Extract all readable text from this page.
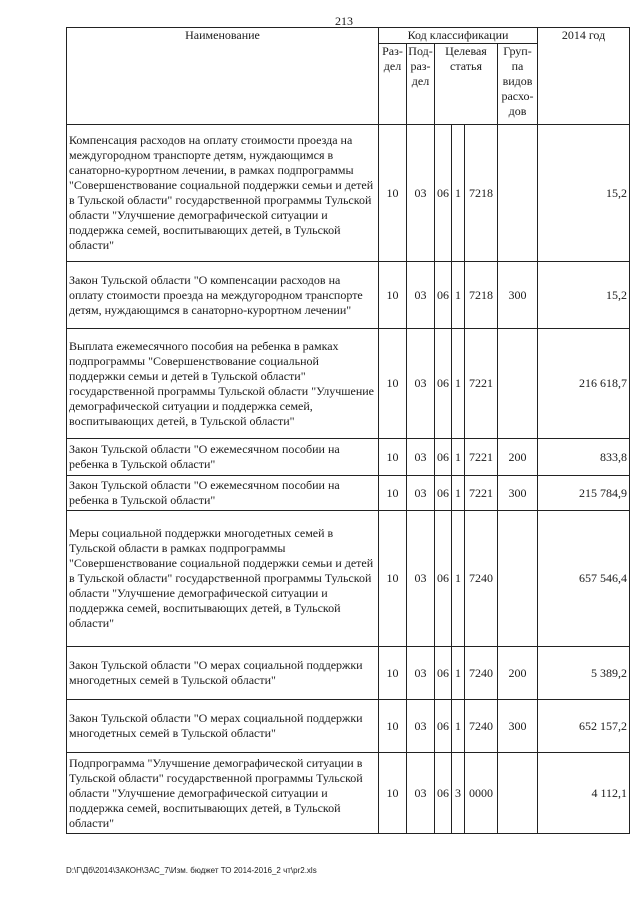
213
Наименование	Код классификации						2014 год
	Раз-дел	Под-раз-дел	Целевая статья			Груп-па видов расхо-дов	
Компенсация расходов на оплату стоимости проезда на междугородном транспорте детям, нуждающимся в санаторно-курортном лечении, в рамках подпрограммы "Совершенствование социальной поддержки семьи и детей в Тульской области" государственной программы Тульской области "Улучшение демографической ситуации и поддержка семей, воспитывающих детей, в Тульской области"	10	03	06	1	7218		15,2
Закон Тульской области "О компенсации расходов на оплату стоимости проезда на междугородном транспорте детям, нуждающимся в санаторно-курортном лечении"	10	03	06	1	7218	300	15,2
Выплата ежемесячного пособия на ребенка в рамках подпрограммы "Совершенствование социальной поддержки семьи и детей в Тульской области" государственной программы Тульской области "Улучшение демографической ситуации и поддержка семей, воспитывающих детей, в Тульской области"	10	03	06	1	7221		216 618,7
Закон Тульской области "О ежемесячном пособии на ребенка в Тульской области"	10	03	06	1	7221	200	833,8
Закон Тульской области "О ежемесячном пособии на ребенка в Тульской области"	10	03	06	1	7221	300	215 784,9
Меры социальной поддержки многодетных семей в Тульской области в рамках подпрограммы "Совершенствование социальной поддержки семьи и детей в Тульской области" государственной программы Тульской области "Улучшение демографической ситуации и поддержка семей, воспитывающих детей, в Тульской области"	10	03	06	1	7240		657 546,4
Закон Тульской области "О мерах социальной поддержки многодетных семей в Тульской области"	10	03	06	1	7240	200	5 389,2
Закон Тульской области "О мерах социальной поддержки многодетных семей в Тульской области"	10	03	06	1	7240	300	652 157,2
Подпрограмма "Улучшение демографической ситуации в Тульской области" государственной программы Тульской области "Улучшение демографической ситуации и поддержка семей, воспитывающих детей, в Тульской области"	10	03	06	3	0000		4 112,1
D:\Г\Дб\2014\ЗАКОН\ЗАС_7\Изм. бюджет ТО 2014-2016_2 чт\pr2.xls
